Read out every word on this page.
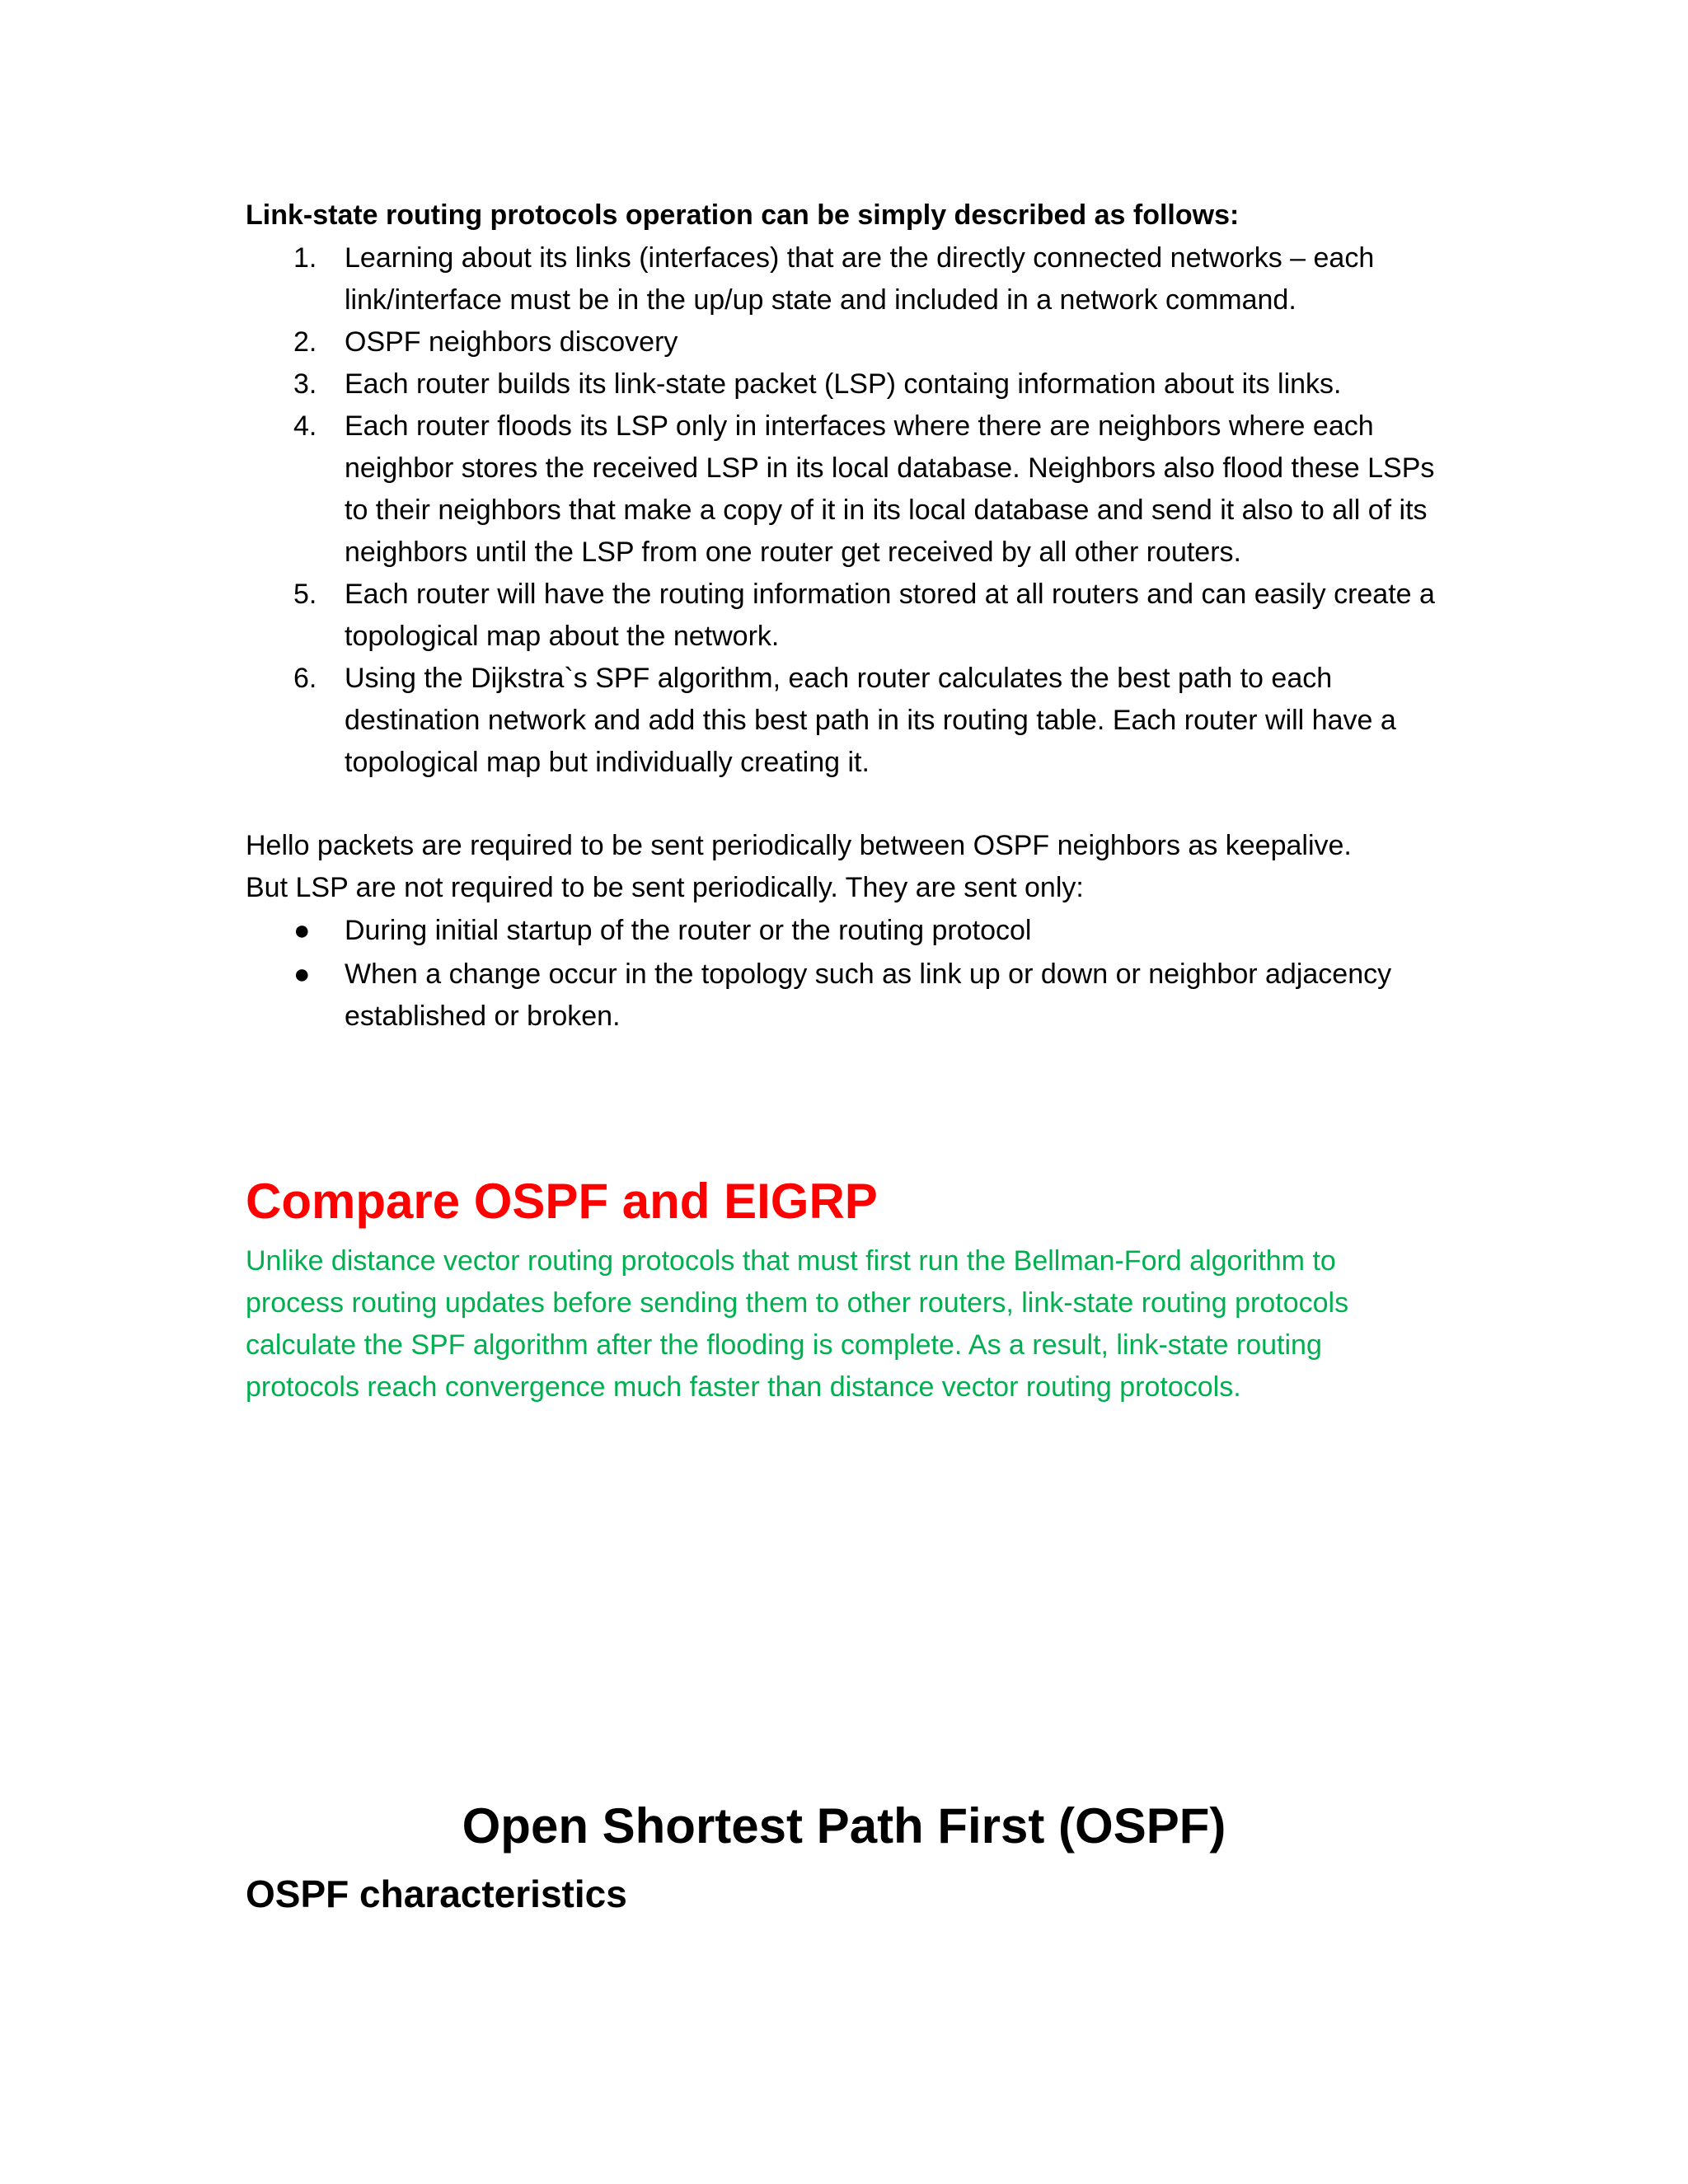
Link-state routing protocols operation can be simply described as follows:

1. Learning about its links (interfaces) that are the directly connected networks – each link/interface must be in the up/up state and included in a network command.
2. OSPF neighbors discovery
3. Each router builds its link-state packet (LSP) containg information about its links.
4. Each router floods its LSP only in interfaces where there are neighbors where each neighbor stores the received LSP in its local database. Neighbors also flood these LSPs to their neighbors that make a copy of it in its local database and send it also to all of its neighbors until the LSP from one router get received by all other routers.
5. Each router will have the routing information stored at all routers and can easily create a topological map about the network.
6. Using the Dijkstra`s SPF algorithm, each router calculates the best path to each destination network and add this best path in its routing table. Each router will have a topological map but individually creating it.
Hello packets are required to be sent periodically between OSPF neighbors as keepalive.
But LSP are not required to be sent periodically. They are sent only:
● During initial startup of the router or the routing protocol
● When a change occur in the topology such as link up or down or neighbor adjacency established or broken.
Compare OSPF and EIGRP

Unlike distance vector routing protocols that must first run the Bellman-Ford algorithm to process routing updates before sending them to other routers, link-state routing protocols calculate the SPF algorithm after the flooding is complete. As a result, link-state routing protocols reach convergence much faster than distance vector routing protocols.

Open Shortest Path First (OSPF)
OSPF characteristics
